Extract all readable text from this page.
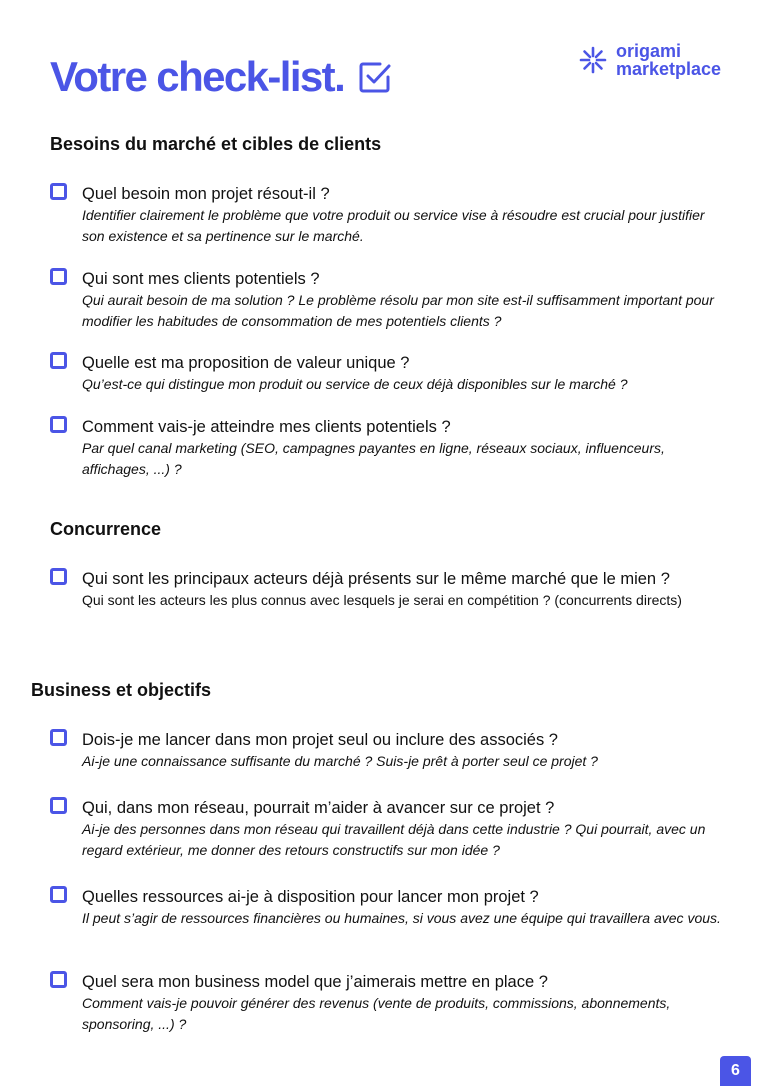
Votre check-list.
origami
marketplace
Besoins du marché et cibles de clients
Quel besoin mon projet résout-il ?
Identifier clairement le problème que votre produit ou service vise à résoudre est crucial pour justifier son existence et sa pertinence sur le marché.
Qui sont mes clients potentiels ?
Qui aurait besoin de ma solution ? Le problème résolu par mon site est-il suffisamment important pour modifier les habitudes de consommation de mes potentiels clients ?
Quelle est ma proposition de valeur unique ?
Qu’est-ce qui distingue mon produit ou service de ceux déjà disponibles sur le marché ?
Comment vais-je atteindre mes clients potentiels ?
Par quel canal marketing (SEO, campagnes payantes en ligne, réseaux sociaux, influenceurs, affichages, ...) ?
Concurrence
Qui sont les principaux acteurs déjà présents sur le même marché que le mien ?
Qui sont les acteurs les plus connus avec lesquels je serai en compétition ? (concurrents directs)
Business et objectifs
Dois-je me lancer dans mon projet seul ou inclure des associés ?
Ai-je une connaissance suffisante du marché ? Suis-je prêt à porter seul ce projet ?
Qui, dans mon réseau, pourrait m’aider à avancer sur ce projet ?
Ai-je des personnes dans mon réseau qui travaillent déjà dans cette industrie ? Qui pourrait, avec un regard extérieur, me donner des retours constructifs sur mon idée ?
Quelles ressources ai-je à disposition pour lancer mon projet ?
Il peut s’agir de ressources financières ou humaines, si vous avez une équipe qui travaillera avec vous.
Quel sera mon business model que j’aimerais mettre en place ?
Comment vais-je pouvoir générer des revenus (vente de produits, commissions, abonnements, sponsoring, ...) ?
6
